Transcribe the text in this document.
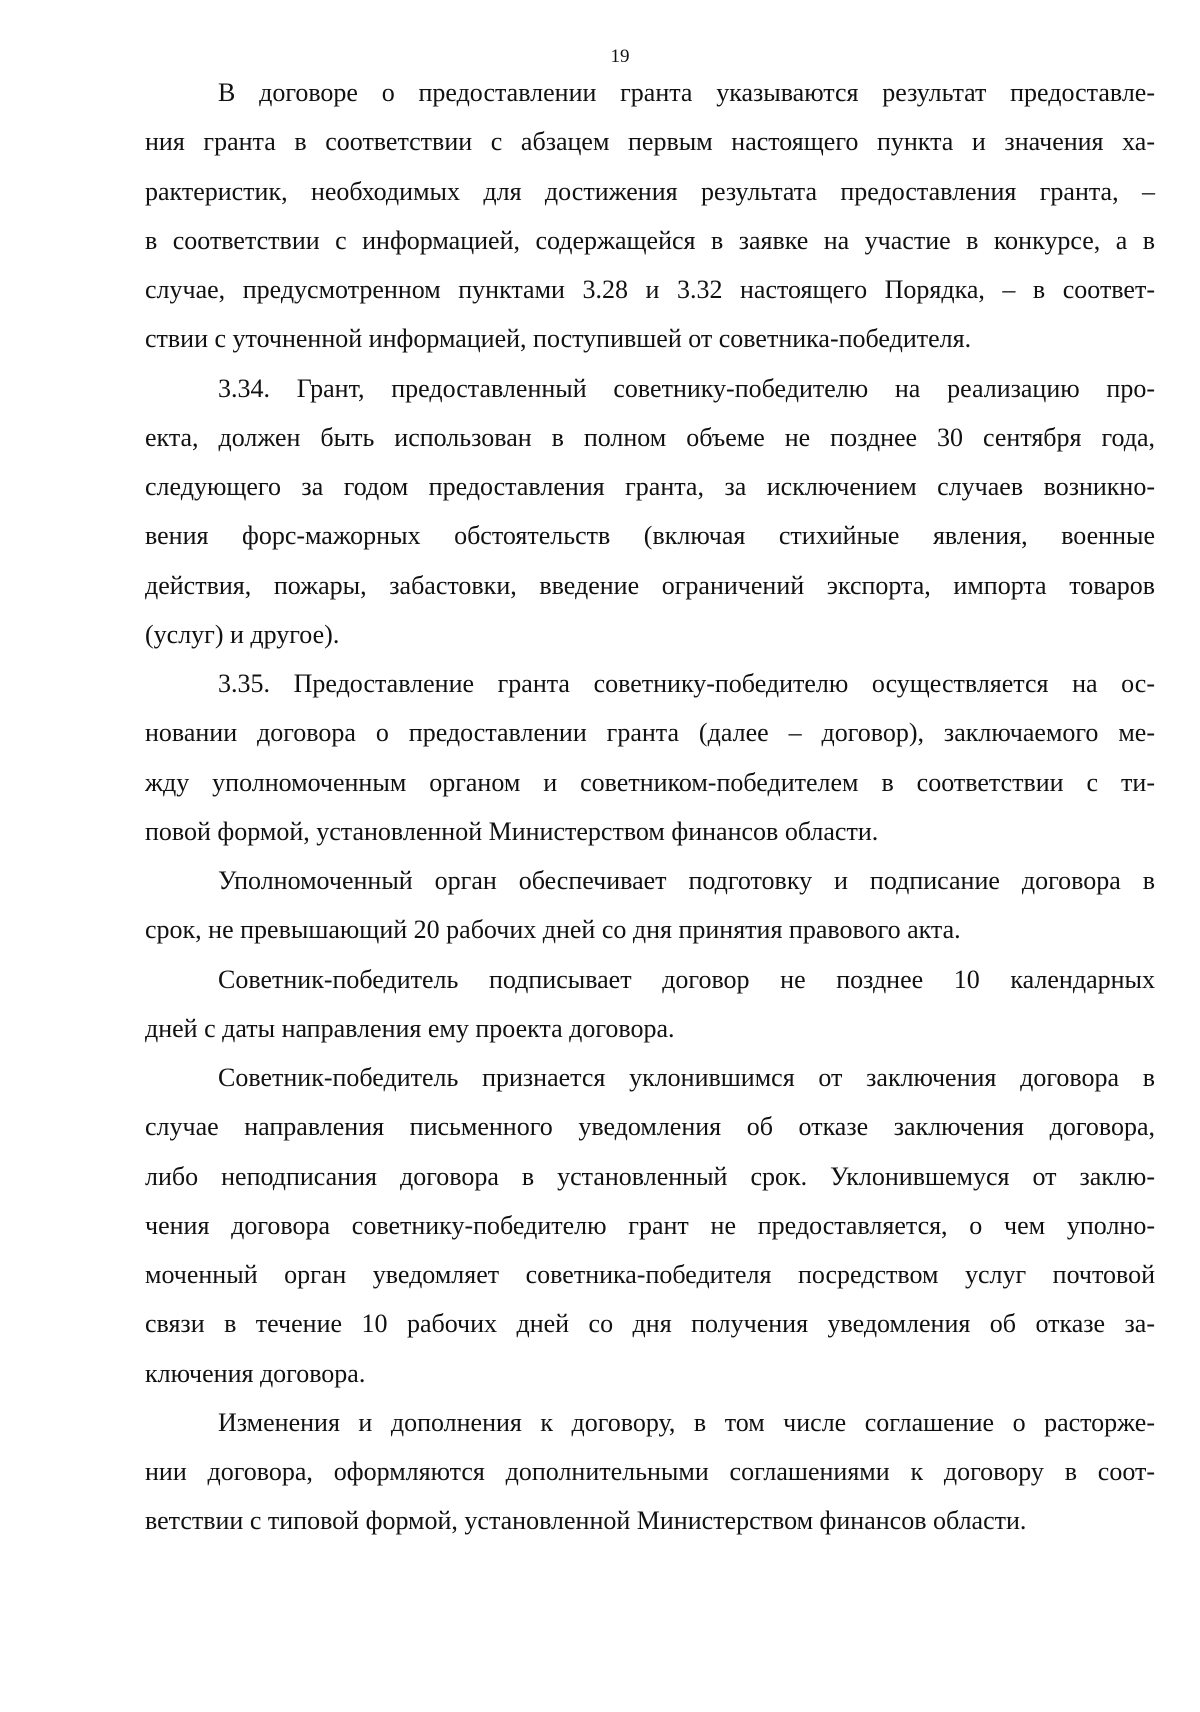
19
В договоре о предоставлении гранта указываются результат предоставле-
ния гранта в соответствии с абзацем первым настоящего пункта и значения ха-
рактеристик, необходимых для достижения результата предоставления гранта, –
в соответствии с информацией, содержащейся в заявке на участие в конкурсе, а в
случае, предусмотренном пунктами 3.28 и 3.32 настоящего Порядка, – в соответ-
ствии с уточненной информацией, поступившей от советника-победителя.
3.34. Грант, предоставленный советнику-победителю на реализацию про-
екта, должен быть использован в полном объеме не позднее 30 сентября года,
следующего за годом предоставления гранта, за исключением случаев возникно-
вения форс-мажорных обстоятельств (включая стихийные явления, военные
действия, пожары, забастовки, введение ограничений экспорта, импорта товаров
(услуг) и другое).
3.35. Предоставление гранта советнику-победителю осуществляется на ос-
новании договора о предоставлении гранта (далее – договор), заключаемого ме-
жду уполномоченным органом и советником-победителем в соответствии с ти-
повой формой, установленной Министерством финансов области.
Уполномоченный орган обеспечивает подготовку и подписание договора в
срок, не превышающий 20 рабочих дней со дня принятия правового акта.
Советник-победитель подписывает договор не позднее 10 календарных
дней с даты направления ему проекта договора.
Советник-победитель признается уклонившимся от заключения договора в
случае направления письменного уведомления об отказе заключения договора,
либо неподписания договора в установленный срок. Уклонившемуся от заклю-
чения договора советнику-победителю грант не предоставляется, о чем уполно-
моченный орган уведомляет советника-победителя посредством услуг почтовой
связи в течение 10 рабочих дней со дня получения уведомления об отказе за-
ключения договора.
Изменения и дополнения к договору, в том числе соглашение о расторже-
нии договора, оформляются дополнительными соглашениями к договору в соот-
ветствии с типовой формой, установленной Министерством финансов области.
